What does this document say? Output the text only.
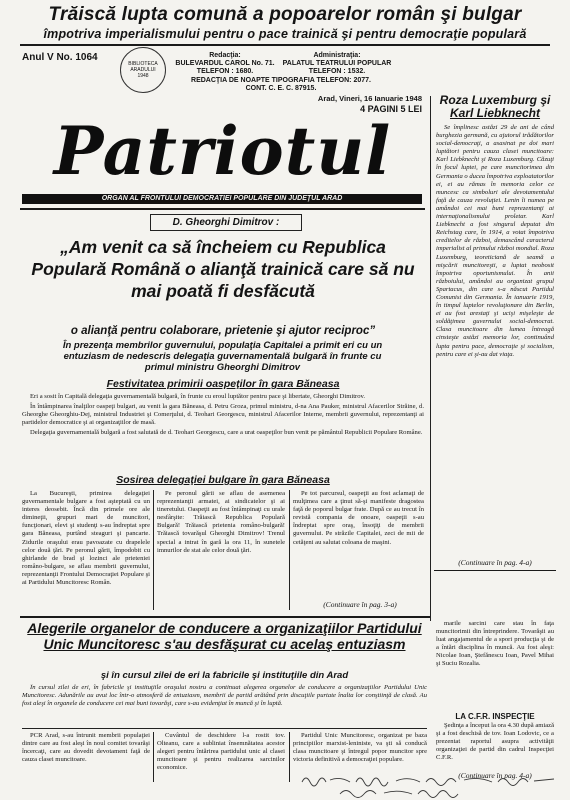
Trăiscă lupta comună a popoarelor român şi bulgar
împotriva imperialismului pentru o pace trainică şi pentru democraţie populară
Anul V No. 1064
BIBLIOTECA
ARADULUI
1948
Redacţia:
BULEVARDUL CAROL No. 71.
TELEFON : 1680.
Administraţia:
PALATUL TEATRULUI POPULAR
TELEFON : 1532.
REDACŢIA DE NOAPTE TIPOGRAFIA TELEFON: 2077.
CONT. C. E. C. 87915.
Arad, Vineri, 16 Ianuarie 1948
4 PAGINI 5 LEI
Patriotul
ORGAN AL FRONTULUI DEMOCRATIEI POPULARE DIN JUDEŢUL ARAD
D. Gheorghi Dimitrov :
„Am venit ca să încheiem cu Republica Populară Română o alianţă trainică care să nu mai poată fi desfăcută
o alianţă pentru colaborare, prietenie şi ajutor reciproc”
În prezenţa membrilor guvernului, populaţia Capitalei a primit eri cu un entuziasm de nedescris delegaţia guvernamentală bulgară în frunte cu primul ministru Gheorghi Dimitrov
Festivitatea primirii oaspeţilor în gara Băneasa

Eri a sosit în Capitală delegaţia guvernamentală bulgară, în frunte cu eroul luptător pentru pace şi libertate, Gheorghi Dimitrov.

În întâmpinarea înalţilor oaspeţi bulgari, au venit la gara Băneasa, d. Petru Groza, primul ministru, d-na Ana Pauker, ministrul Afacerilor Străine, d. Gheorghe Gheorghiu-Dej, ministrul Industriei şi Comerţului, d. Teohari Georgescu, ministrul Afacerilor Interne, membrii guvernului, reprezentanţi ai partidelor democratice şi ai organizaţiilor de masă.

Delegaţia guvernamentală bulgară a fost salutată de d. Teohari Georgescu, care a urat oaspeţilor bun venit pe pământul Republicii Populare Române.

Sosirea delegaţiei bulgare în gara Băneasa

La Bucureşti, primirea delegaţiei guvernamentale bulgare a fost aşteptată cu un interes deosebit. Încă din primele ore ale dimineţii, grupuri mari de muncitori, funcţionari, elevi şi studenţi s-au îndreptat spre gara Băneasa, purtând steaguri şi pancarte. Zidurile oraşului erau pavoazate cu drapelele celor două ţări. Pe peronul gării, împodobit cu ghirlande de brad şi lozinci ale prieteniei româno-bulgare, se aflau membrii guvernului, reprezentanţii Frontului Democraţiei Populare şi ai Partidului Muncitoresc Român.

Pe peronul gării se aflau de asemenea reprezentanţii armatei, ai sindicatelor şi ai tineretului. Oaspeţii au fost întâmpinaţi cu urale nesfârşite: Trăiască Republica Populară Bulgară! Trăiască prietenia româno-bulgară! Trăiască tovarăşul Gheorghi Dimitrov! Trenul special a intrat în gară la ora 11, în sunetele imnurilor de stat ale celor două ţări.

Pe tot parcursul, oaspeţii au fost aclamaţi de mulţimea care a ţinut să-şi manifeste dragostea faţă de poporul bulgar frate. După ce au trecut în revistă compania de onoare, oaspeţii s-au îndreptat spre oraş, însoţiţi de membrii guvernului. Pe străzile Capitalei, zeci de mii de cetăţeni au salutat coloana de maşini.

(Continuare în pag. 3-a)
Roza Luxemburg şi
Karl Liebknecht

Se împlinesc astăzi 29 de ani de când burghezia germană, cu ajutorul trădătorilor social-democraţi, a asasinat pe doi mari luptători pentru cauza clasei muncitoare: Karl Liebknecht şi Roza Luxemburg. Căzuţi în focul luptei, pe care muncitorimea din Germania o ducea împotriva exploatatorilor ei, ei au rămas în memoria celor ce muncesc ca simboluri ale devotamentului faţă de cauza revoluţiei. Lenin îi numea pe amândoi cei mai buni reprezentanţi ai internaţionalismului proletar. Karl Liebknecht a fost singurul deputat din Reichstag care, în 1914, a votat împotriva creditelor de război, demascând caracterul imperialist al primului război mondial. Roza Luxemburg, teoreticiană de seamă a mişcării muncitoreşti, a luptat neobosit împotriva oportunismului. În anii războiului, amândoi au organizat grupul Spartacus, din care s-a născut Partidul Comunist din Germania. În ianuarie 1919, în timpul luptelor revoluţionare din Berlin, ei au fost arestaţi şi ucişi mişeleşte de soldăţimea guvernului social-democrat. Clasa muncitoare din lumea întreagă cinsteşte astăzi memoria lor, continuând lupta pentru pace, democraţie şi socialism, pentru care ei şi-au dat viaţa.

(Continuare în pag. 4-a)
Alegerile organelor de conducere a organizaţiilor Partidului Unic Muncitoresc s'au desfăşurat cu acelaş entuziasm
şi în cursul zilei de eri la fabricile şi instituţiile din Arad

În cursul zilei de eri, în fabricile şi instituţiile oraşului nostru a continuat alegerea organelor de conducere a organizaţiilor Partidului Unic Muncitoresc. Adunările au avut loc într-o atmosferă de entuziasm, membrii de partid arătând prin discuţiile purtate înalta lor conştiinţă de clasă. Au fost aleşi în organele de conducere cei mai buni tovarăşi, care s-au evidenţiat în muncă şi în luptă.

PCR Arad, s-au întrunit membrii populaţiei dintre care au fost aleşi în noul comitet tovarăşi încercaţi, care au dovedit devotament faţă de cauza clasei muncitoare.

Cuvântul de deschidere l-a rostit tov. Olteanu, care a subliniat însemnătatea acestor alegeri pentru întărirea partidului unic al clasei muncitoare şi pentru realizarea sarcinilor economice.

Partidul Unic Muncitoresc, organizat pe baza principiilor marxist-leniniste, va şti să conducă clasa muncitoare şi întregul popor muncitor spre victoria definitivă a democraţiei populare.

marile sarcini care stau în faţa muncitorimii din întreprindere. Tovarăşii au luat angajamentul de a spori producţia şi de a întări disciplina în muncă. Au fost aleşi: Nicolae Ioan, Ştefănescu Ioan, Pavel Mihai şi Suciu Rozalia.

LA C.F.R. INSPECŢIE

Şedinţa a început la ora 4.30 după amiază şi a fost deschisă de tov. Ioan Lodovic, ce a prezentat raportul asupra activităţii organizaţiei de partid din cadrul Inspecţiei C.F.R.

(Continuare în pag. 4-a)
